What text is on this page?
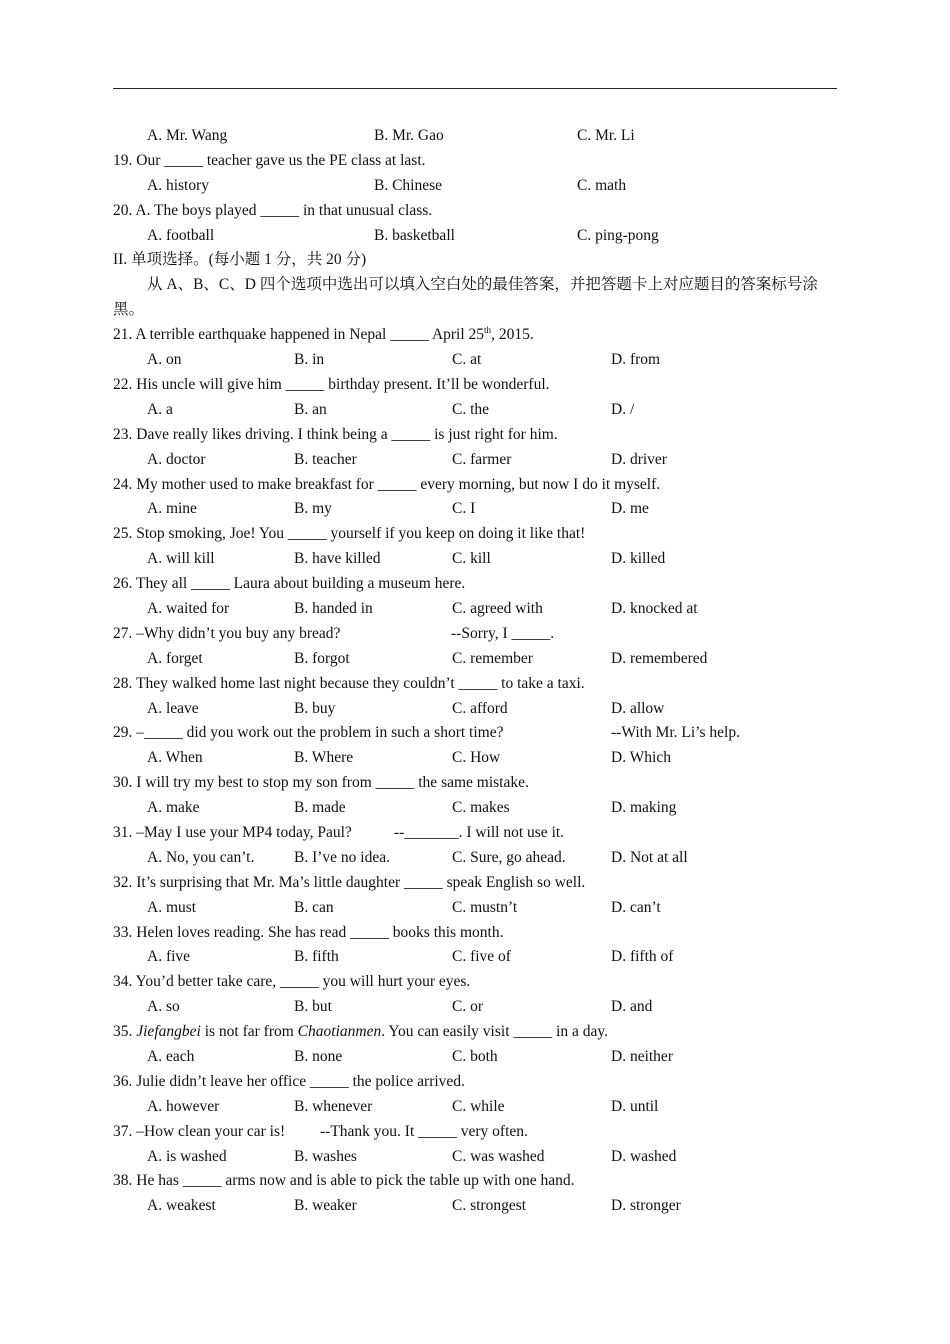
A. Mr. Wang	B. Mr. Gao	C. Mr. Li
19. Our _____ teacher gave us the PE class at last.
A. history	B. Chinese	C. math
20. A. The boys played _____ in that unusual class.
A. football	B. basketball	C. ping-pong
II. 单项选择。(每小题 1 分，共 20 分)
从 A、B、C、D 四个选项中选出可以填入空白处的最佳答案，并把答题卡上对应题目的答案标号涂黑。
21. A terrible earthquake happened in Nepal _____ April 25th, 2015.
A. on	B. in	C. at	D. from
22. His uncle will give him _____ birthday present. It’ll be wonderful.
A. a	B. an	C. the	D. /
23. Dave really likes driving. I think being a _____ is just right for him.
A. doctor	B. teacher	C. farmer	D. driver
24. My mother used to make breakfast for _____ every morning, but now I do it myself.
A. mine	B. my	C. I	D. me
25. Stop smoking, Joe! You _____ yourself if you keep on doing it like that!
A. will kill	B. have killed	C. kill	D. killed
26. They all _____ Laura about building a museum here.
A. waited for	B. handed in	C. agreed with	D. knocked at
27. –Why didn’t you buy any bread?	--Sorry, I _____.
A. forget	B. forgot	C. remember	D. remembered
28. They walked home last night because they couldn’t _____ to take a taxi.
A. leave	B. buy	C. afford	D. allow
29. –_____ did you work out the problem in such a short time?	--With Mr. Li’s help.
A. When	B. Where	C. How	D. Which
30. I will try my best to stop my son from _____ the same mistake.
A. make	B. made	C. makes	D. making
31. –May I use your MP4 today, Paul?	--_______. I will not use it.
A. No, you can’t.	B. I’ve no idea.	C. Sure, go ahead.	D. Not at all
32. It’s surprising that Mr. Ma’s little daughter _____ speak English so well.
A. must	B. can	C. mustn’t	D. can’t
33. Helen loves reading. She has read _____ books this month.
A. five	B. fifth	C. five of	D. fifth of
34. You’d better take care, _____ you will hurt your eyes.
A. so	B. but	C. or	D. and
35. Jiefangbei is not far from Chaotianmen. You can easily visit _____ in a day.
A. each	B. none	C. both	D. neither
36. Julie didn’t leave her office _____ the police arrived.
A. however	B. whenever	C. while	D. until
37. –How clean your car is! --Thank you. It _____ very often.
A. is washed	B. washes	C. was washed	D. washed
38. He has _____ arms now and is able to pick the table up with one hand.
A. weakest	B. weaker	C. strongest	D. stronger
